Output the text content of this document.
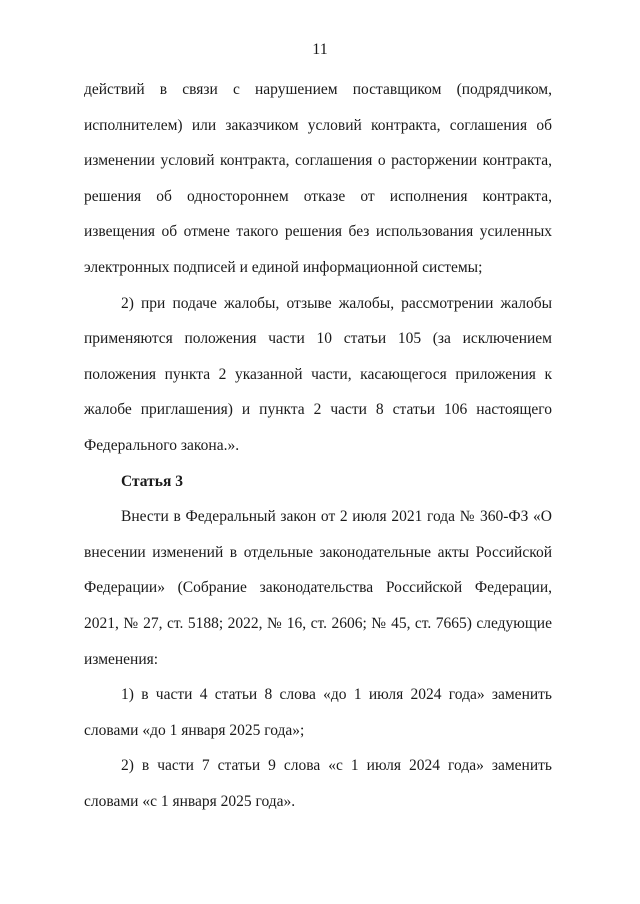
11

действий в связи с нарушением поставщиком (подрядчиком, исполнителем) или заказчиком условий контракта, соглашения об изменении условий контракта, соглашения о расторжении контракта, решения об одностороннем отказе от исполнения контракта, извещения об отмене такого решения без использования усиленных электронных подписей и единой информационной системы;

2) при подаче жалобы, отзыве жалобы, рассмотрении жалобы применяются положения части 10 статьи 105 (за исключением положения пункта 2 указанной части, касающегося приложения к жалобе приглашения) и пункта 2 части 8 статьи 106 настоящего Федерального закона.».

Статья 3

Внести в Федеральный закон от 2 июля 2021 года № 360-ФЗ «О внесении изменений в отдельные законодательные акты Российской Федерации» (Собрание законодательства Российской Федерации, 2021, № 27, ст. 5188; 2022, № 16, ст. 2606; № 45, ст. 7665) следующие изменения:

1) в части 4 статьи 8 слова «до 1 июля 2024 года» заменить словами «до 1 января 2025 года»;

2) в части 7 статьи 9 слова «с 1 июля 2024 года» заменить словами «с 1 января 2025 года».
